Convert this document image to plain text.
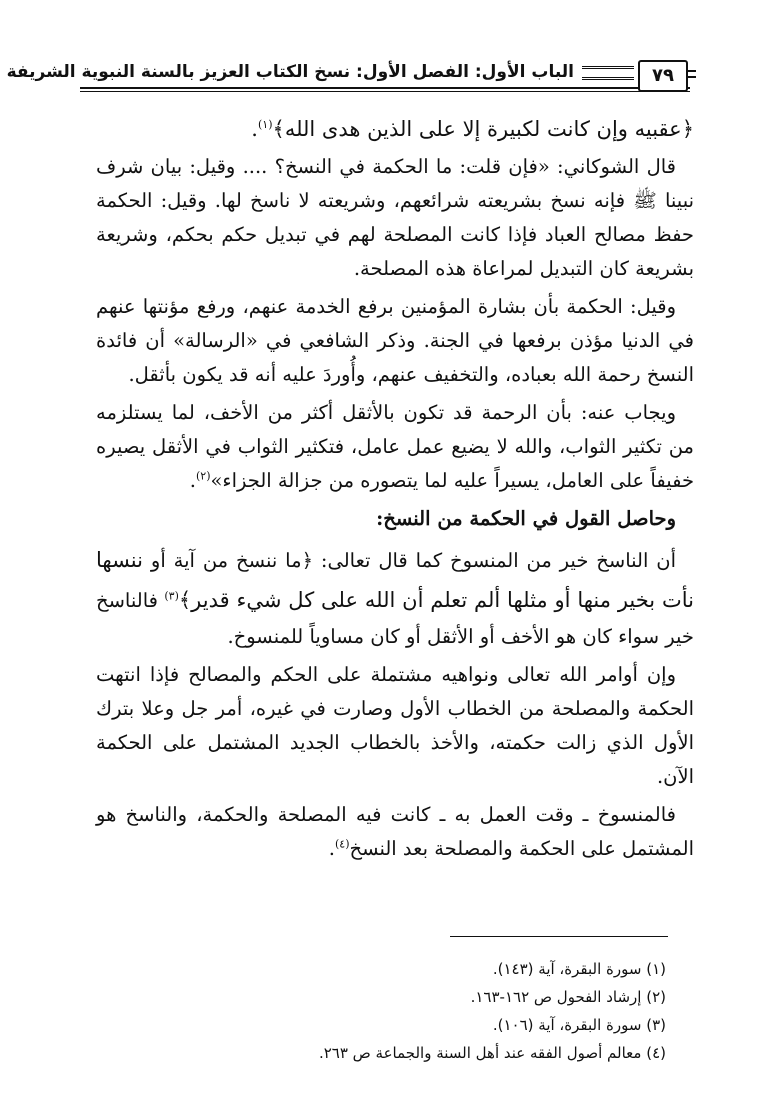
الباب الأول: الفصل الأول: نسخ الكتاب العزيز بالسنة النبوية الشريفة	٧٩
﴿عقبيه وإن كانت لكبيرة إلا على الذين هدى الله﴾$^{(١)}$.
قال الشوكاني: «فإن قلت: ما الحكمة في النسخ؟ .... وقيل: بيان شرف نبينا ﷺ فإنه نسخ بشريعته شرائعهم، وشريعته لا ناسخ لها. وقيل: الحكمة حفظ مصالح العباد فإذا كانت المصلحة لهم في تبديل حكم بحكم، وشريعة بشريعة كان التبديل لمراعاة هذه المصلحة.
وقيل: الحكمة بأن بشارة المؤمنين برفع الخدمة عنهم، ورفع مؤنتها عنهم في الدنيا مؤذن برفعها في الجنة. وذكر الشافعي في «الرسالة» أن فائدة النسخ رحمة الله بعباده، والتخفيف عنهم، وأُوردَ عليه أنه قد يكون بأثقل.
ويجاب عنه: بأن الرحمة قد تكون بالأثقل أكثر من الأخف، لما يستلزمه من تكثير الثواب، والله لا يضيع عمل عامل، فتكثير الثواب في الأثقل يصيره خفيفاً على العامل، يسيراً عليه لما يتصوره من جزالة الجزاء»$^{(٢)}$.
وحاصل القول في الحكمة من النسخ:
أن الناسخ خير من المنسوخ كما قال تعالى: ﴿ما ننسخ من آية أو ننسها نأت بخير منها أو مثلها ألم تعلم أن الله على كل شيء قدير﴾$^{(٣)}$ فالناسخ خير سواء كان هو الأخف أو الأثقل أو كان مساوياً للمنسوخ.
وإن أوامر الله تعالى ونواهيه مشتملة على الحكم والمصالح فإذا انتهت الحكمة والمصلحة من الخطاب الأول وصارت في غيره، أمر جل وعلا بترك الأول الذي زالت حكمته، والأخذ بالخطاب الجديد المشتمل على الحكمة الآن.
فالمنسوخ ـ وقت العمل به ـ كانت فيه المصلحة والحكمة، والناسخ هو المشتمل على الحكمة والمصلحة بعد النسخ$^{(٤)}$.
(١) سورة البقرة، آية (١٤٣).
(٢) إرشاد الفحول ص ١٦٢-١٦٣.
(٣) سورة البقرة، آية (١٠٦).
(٤) معالم أصول الفقه عند أهل السنة والجماعة ص ٢٦٣.
